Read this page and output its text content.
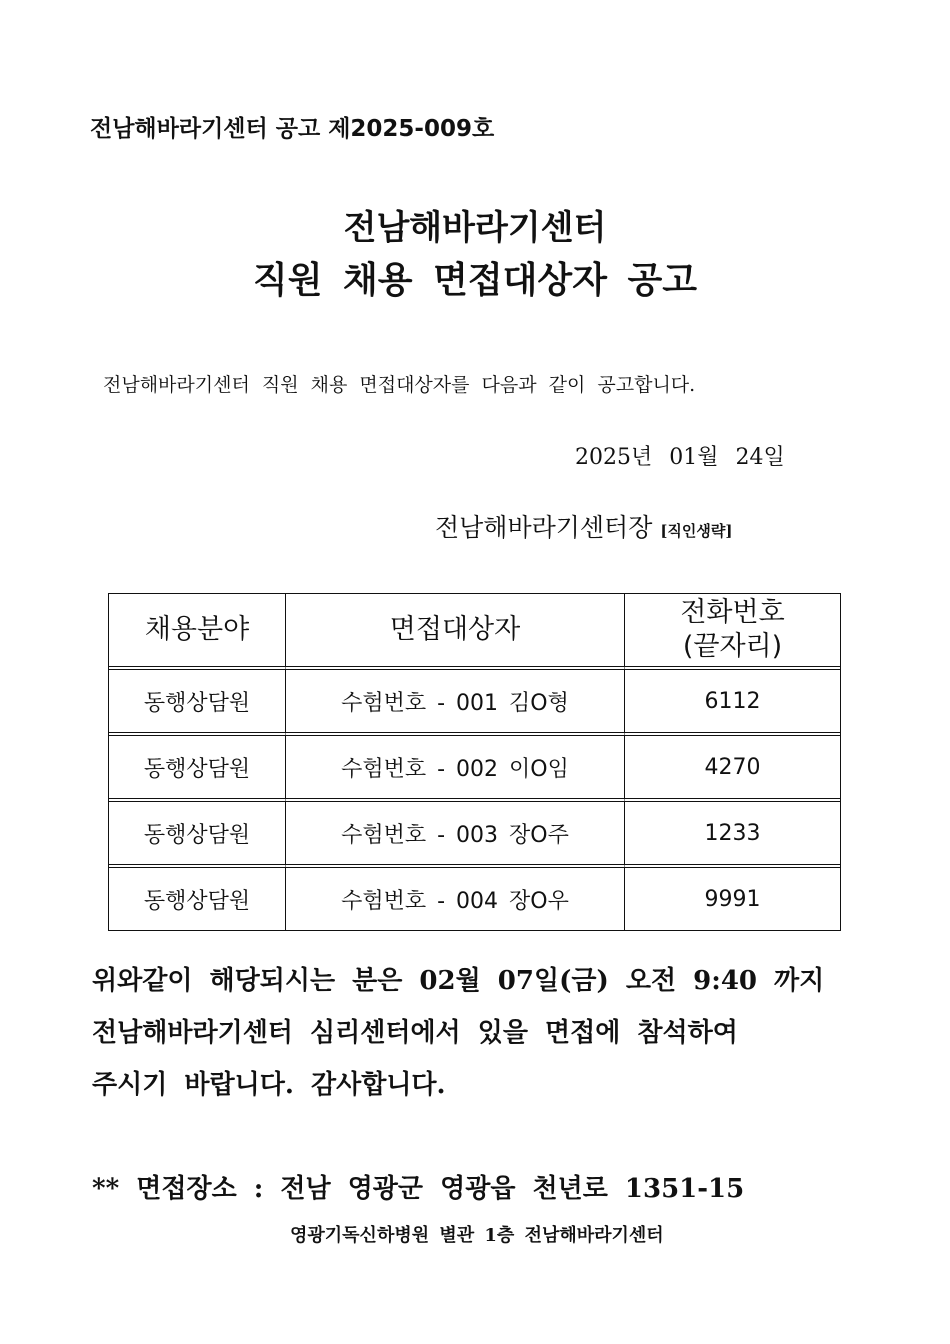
전남해바라기센터 공고 제2025-009호
전남해바라기센터
직원 채용 면접대상자 공고
전남해바라기센터 직원 채용 면접대상자를 다음과 같이 공고합니다.
2025년 01월 24일
전남해바라기센터장 [직인생략]
채용분야	면접대상자	전화번호
(끝자리)
동행상담원	수험번호 - 001 김O형	6112
동행상담원	수험번호 - 002 이O임	4270
동행상담원	수험번호 - 003 장O주	1233
동행상담원	수험번호 - 004 장O우	9991

위와같이 해당되시는 분은 02월 07일(금) 오전 9:40 까지

전남해바라기센터 심리센터에서 있을 면접에 참석하여

주시기 바랍니다. 감사합니다.

** 면접장소 : 전남 영광군 영광읍 천년로 1351-15
영광기독신하병원 별관 1층 전남해바라기센터
